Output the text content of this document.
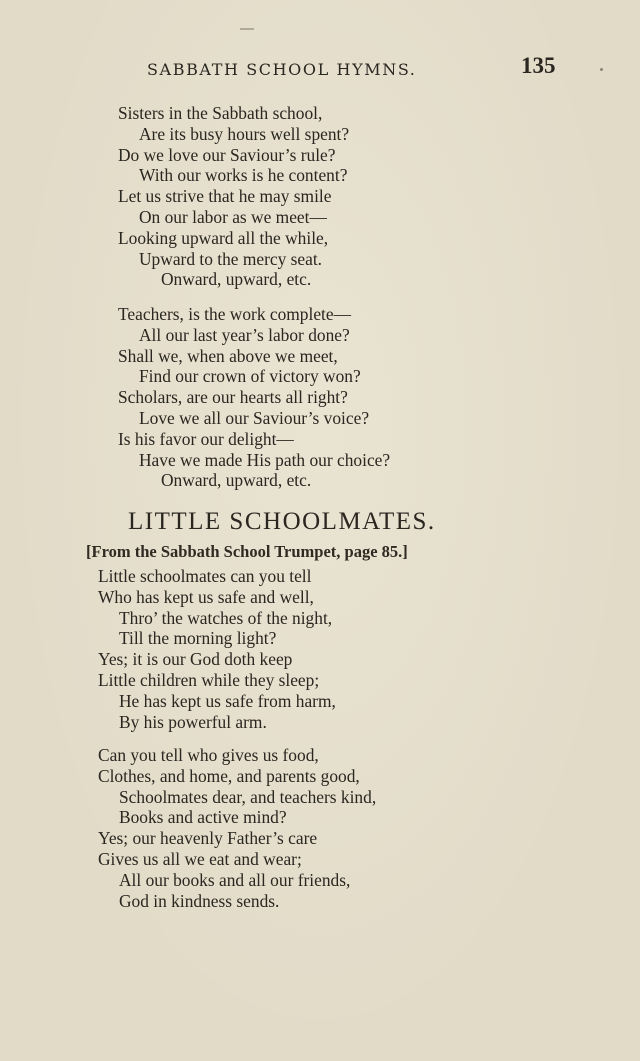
SABBATH SCHOOL HYMNS.	135
Sisters in the Sabbath school,
Are its busy hours well spent?
Do we love our Saviour’s rule?
With our works is he content?
Let us strive that he may smile
On our labor as we meet—
Looking upward all the while,
Upward to the mercy seat.
Onward, upward, etc.
Teachers, is the work complete—
All our last year’s labor done?
Shall we, when above we meet,
Find our crown of victory won?
Scholars, are our hearts all right?
Love we all our Saviour’s voice?
Is his favor our delight—
Have we made His path our choice?
Onward, upward, etc.
LITTLE SCHOOLMATES.
[From the Sabbath School Trumpet, page 85.]
Little schoolmates can you tell
Who has kept us safe and well,
Thro’ the watches of the night,
Till the morning light?
Yes; it is our God doth keep
Little children while they sleep;
He has kept us safe from harm,
By his powerful arm.
Can you tell who gives us food,
Clothes, and home, and parents good,
Schoolmates dear, and teachers kind,
Books and active mind?
Yes; our heavenly Father’s care
Gives us all we eat and wear;
All our books and all our friends,
God in kindness sends.
